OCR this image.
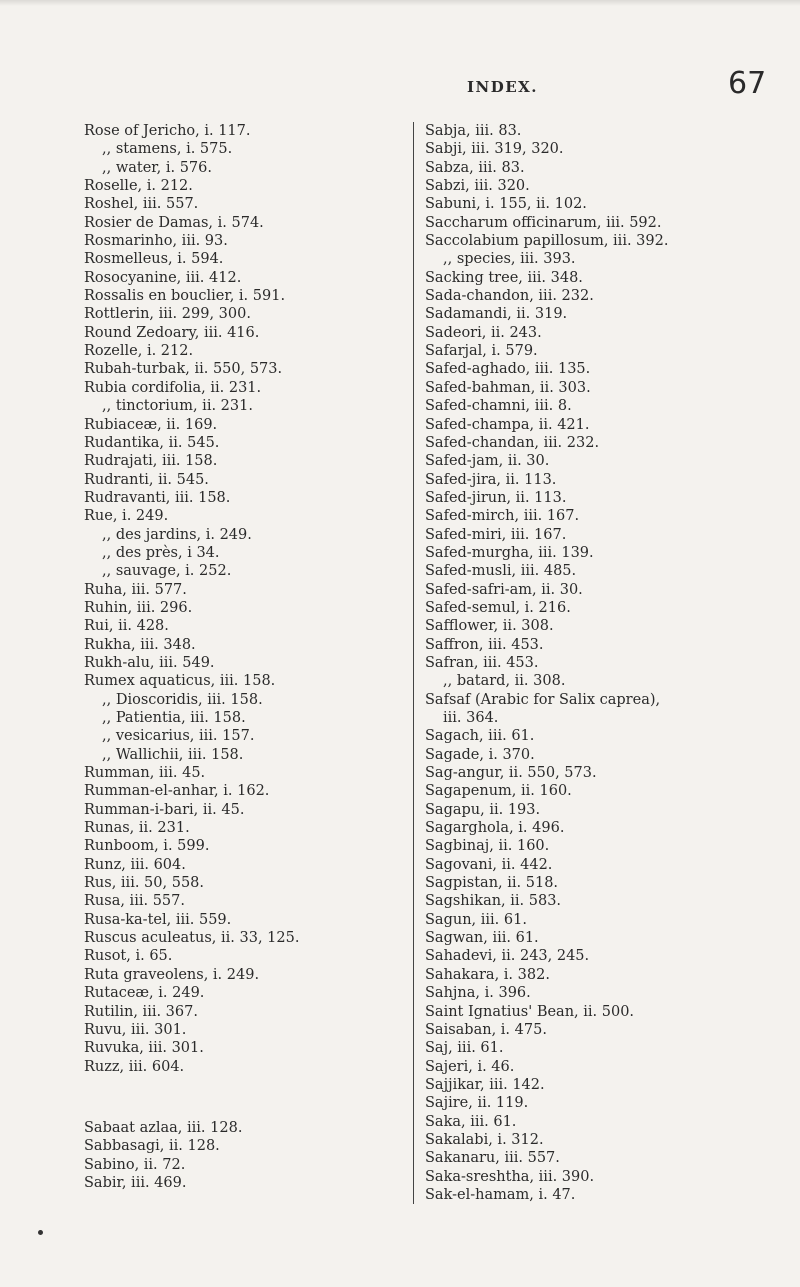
INDEX.	67
Rose of Jericho, i. 117.
,, stamens, i. 575.
,, water, i. 576.
Roselle, i. 212.
Roshel, iii. 557.
Rosier de Damas, i. 574.
Rosmarinho, iii. 93.
Rosmelleus, i. 594.
Rosocyanine, iii. 412.
Rossalis en bouclier, i. 591.
Rottlerin, iii. 299, 300.
Round Zedoary, iii. 416.
Rozelle, i. 212.
Rubah-turbak, ii. 550, 573.
Rubia cordifolia, ii. 231.
,, tinctorium, ii. 231.
Rubiaceæ, ii. 169.
Rudantika, ii. 545.
Rudrajati, iii. 158.
Rudranti, ii. 545.
Rudravanti, iii. 158.
Rue, i. 249.
,, des jardins, i. 249.
,, des près, i 34.
,, sauvage, i. 252.
Ruha, iii. 577.
Ruhin, iii. 296.
Rui, ii. 428.
Rukha, iii. 348.
Rukh-alu, iii. 549.
Rumex aquaticus, iii. 158.
,, Dioscoridis, iii. 158.
,, Patientia, iii. 158.
,, vesicarius, iii. 157.
,, Wallichii, iii. 158.
Rumman, iii. 45.
Rumman-el-anhar, i. 162.
Rumman-i-bari, ii. 45.
Runas, ii. 231.
Runboom, i. 599.
Runz, iii. 604.
Rus, iii. 50, 558.
Rusa, iii. 557.
Rusa-ka-tel, iii. 559.
Ruscus aculeatus, ii. 33, 125.
Rusot, i. 65.
Ruta graveolens, i. 249.
Rutaceæ, i. 249.
Rutilin, iii. 367.
Ruvu, iii. 301.
Ruvuka, iii. 301.
Ruzz, iii. 604.
Sabaat azlaa, iii. 128.
Sabbasagi, ii. 128.
Sabino, ii. 72.
Sabir, iii. 469.
Sabja, iii. 83.
Sabji, iii. 319, 320.
Sabza, iii. 83.
Sabzi, iii. 320.
Sabuni, i. 155, ii. 102.
Saccharum officinarum, iii. 592.
Saccolabium papillosum, iii. 392.
,, species, iii. 393.
Sacking tree, iii. 348.
Sada-chandon, iii. 232.
Sadamandi, ii. 319.
Sadeori, ii. 243.
Safarjal, i. 579.
Safed-aghado, iii. 135.
Safed-bahman, ii. 303.
Safed-chamni, iii. 8.
Safed-champa, ii. 421.
Safed-chandan, iii. 232.
Safed-jam, ii. 30.
Safed-jira, ii. 113.
Safed-jirun, ii. 113.
Safed-mirch, iii. 167.
Safed-miri, iii. 167.
Safed-murgha, iii. 139.
Safed-musli, iii. 485.
Safed-safri-am, ii. 30.
Safed-semul, i. 216.
Safflower, ii. 308.
Saffron, iii. 453.
Safran, iii. 453.
,, batard, ii. 308.
Safsaf (Arabic for Salix caprea),
iii. 364.
Sagach, iii. 61.
Sagade, i. 370.
Sag-angur, ii. 550, 573.
Sagapenum, ii. 160.
Sagapu, ii. 193.
Sagarghola, i. 496.
Sagbinaj, ii. 160.
Sagovani, ii. 442.
Sagpistan, ii. 518.
Sagshikan, ii. 583.
Sagun, iii. 61.
Sagwan, iii. 61.
Sahadevi, ii. 243, 245.
Sahakara, i. 382.
Sahjna, i. 396.
Saint Ignatius' Bean, ii. 500.
Saisaban, i. 475.
Saj, iii. 61.
Sajeri, i. 46.
Sajjikar, iii. 142.
Sajire, ii. 119.
Saka, iii. 61.
Sakalabi, i. 312.
Sakanaru, iii. 557.
Saka-sreshtha, iii. 390.
Sak-el-hamam, i. 47.
